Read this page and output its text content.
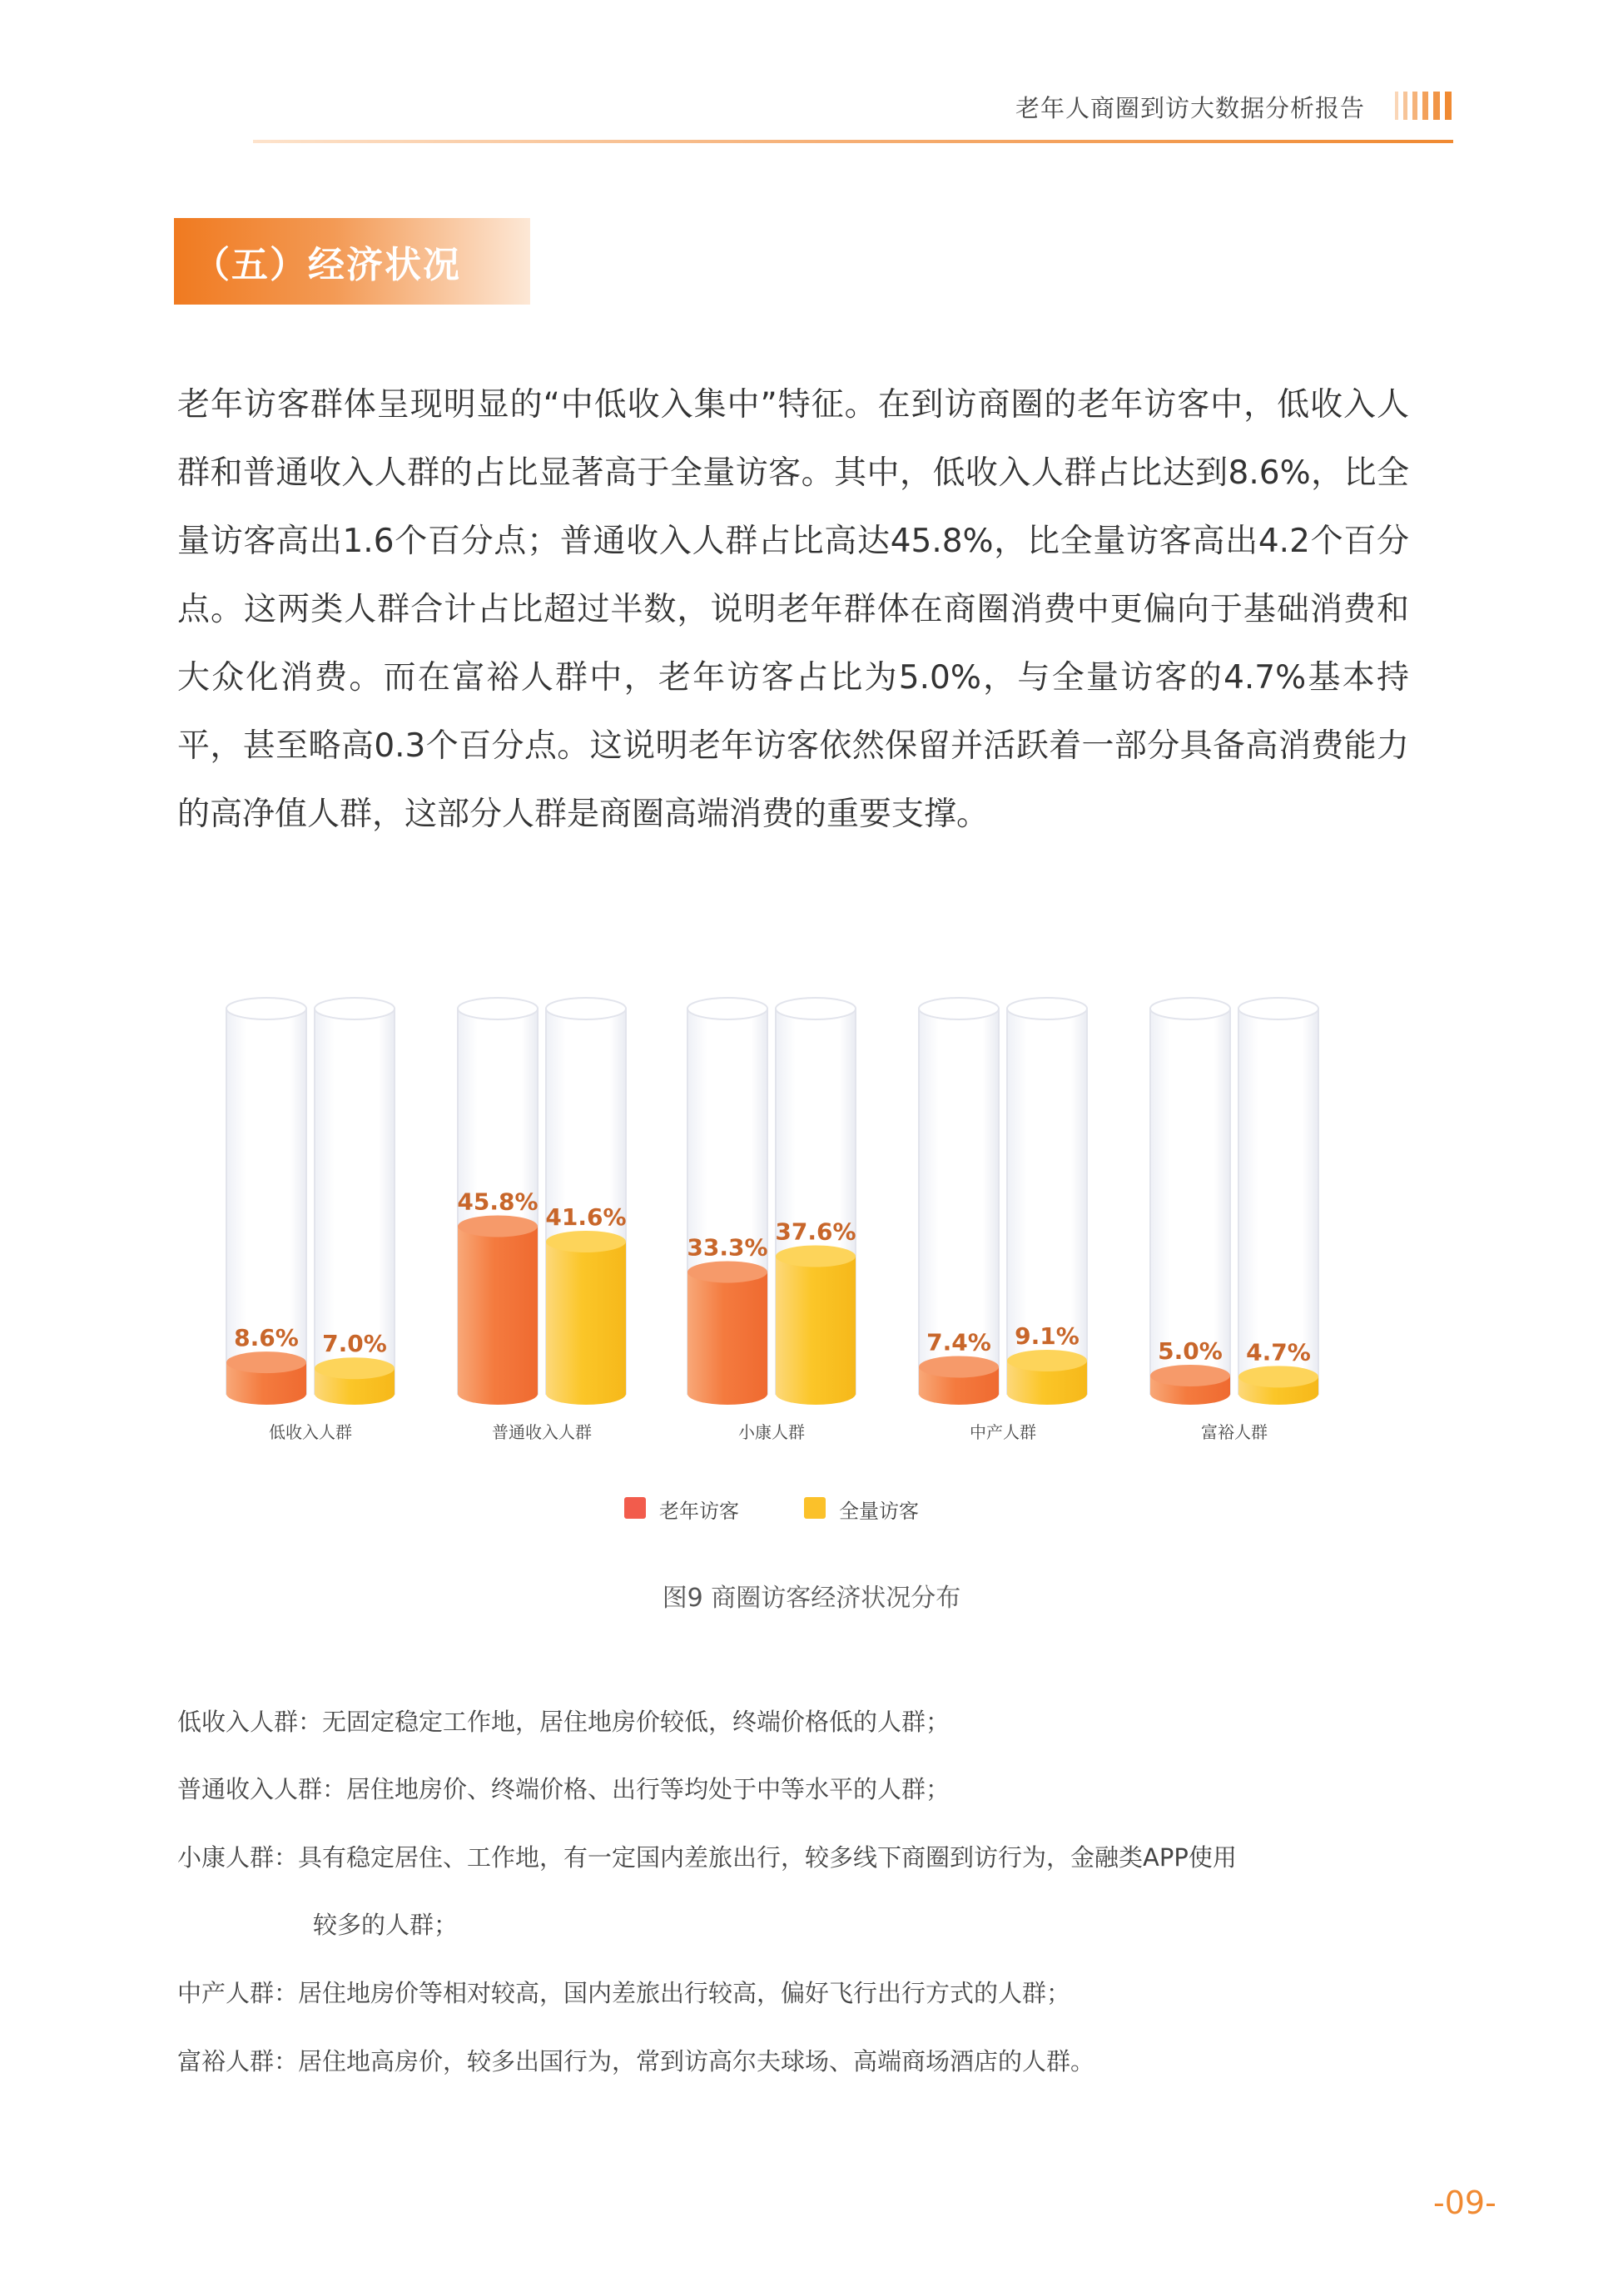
老年人商圈到访大数据分析报告
（五）经济状况

老年访客群体呈现明显的“中低收入集中”特征。在到访商圈的老年访客中，低收入人群和普通收入人群的占比显著高于全量访客。其中，低收入人群占比达到8.6%，比全量访客高出1.6个百分点；普通收入人群占比高达45.8%，比全量访客高出4.2个百分点。这两类人群合计占比超过半数，说明老年群体在商圈消费中更偏向于基础消费和大众化消费。而在富裕人群中，老年访客占比为5.0%，与全量访客的4.7%基本持平，甚至略高0.3个百分点。这说明老年访客依然保留并活跃着一部分具备高消费能力的高净值人群，这部分人群是商圈高端消费的重要支撑。

8.6% 7.0%
低收入人群
45.8%
41.6%
普通收入人群
33.3%
37.6%
小康人群
7.4% 9.1%
中产人群
5.0% 4.7%
富裕人群
老年访客	全量访客
图9 商圈访客经济状况分布
低收入人群：无固定稳定工作地，居住地房价较低，终端价格低的人群；
普通收入人群：居住地房价、终端价格、出行等均处于中等水平的人群；
小康人群：具有稳定居住、工作地，有一定国内差旅出行，较多线下商圈到访行为，金融类APP使用
较多的人群；
中产人群：居住地房价等相对较高，国内差旅出行较高，偏好飞行出行方式的人群；
富裕人群：居住地高房价，较多出国行为，常到访高尔夫球场、高端商场酒店的人群。
-09-
